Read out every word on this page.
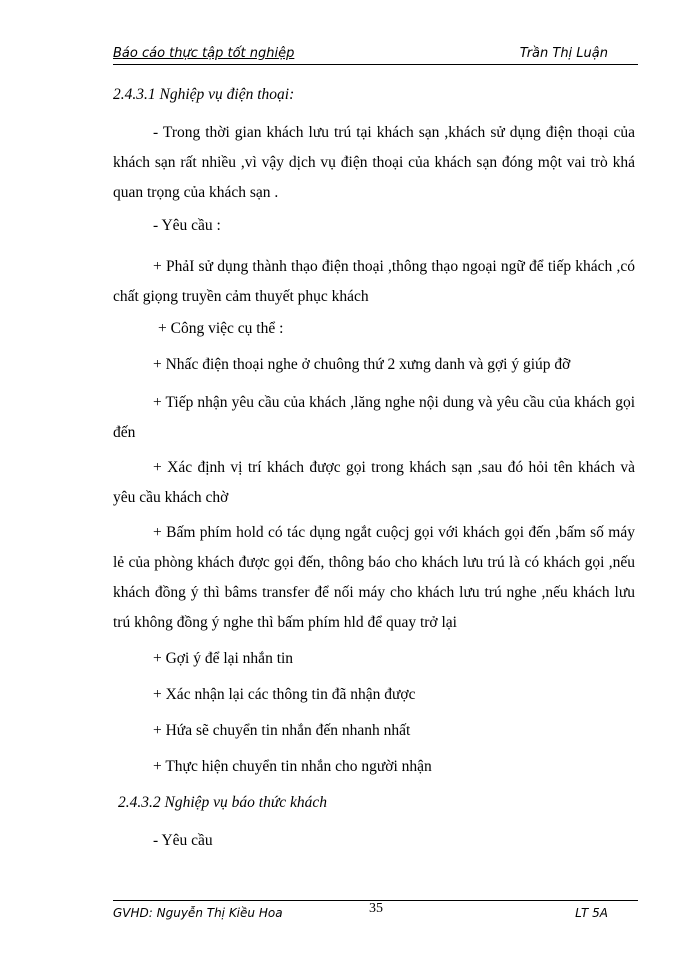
Báo cáo thực tập tốt nghiệp	Trần Thị Luận
2.4.3.1 Nghiệp vụ điện thoại:
- Trong thời gian khách lưu trú tại khách sạn ,khách sử dụng điện thoại của khách sạn rất nhiều ,vì vậy dịch vụ điện thoại của khách sạn đóng một vai trò khá quan trọng của khách sạn .
- Yêu cầu :
+ PhảI sử dụng thành thạo điện thoại ,thông thạo ngoại ngữ để tiếp khách ,có chất giọng truyền cảm thuyết phục khách
+ Công việc cụ thể :
+ Nhấc điện thoại nghe ở chuông thứ 2 xưng danh và gợi ý giúp đỡ
+ Tiếp nhận yêu cầu của khách ,lăng nghe nội dung và yêu cầu của khách gọi đến
+ Xác định vị trí khách được gọi trong khách sạn ,sau đó hỏi tên khách và yêu cầu khách chờ
+ Bấm phím hold có tác dụng ngắt cuộcj gọi với khách gọi đến ,bấm số máy lẻ của phòng khách được gọi đến, thông báo cho khách lưu trú là có khách gọi ,nếu khách đồng ý thì bâms transfer để nối máy cho khách lưu trú nghe ,nếu khách lưu trú không đồng ý nghe thì bấm phím hld để quay trở lại
+ Gợi ý để lại nhắn tin
+ Xác nhận lại các thông tin đã nhận được
+ Hứa sẽ chuyển tin nhắn đến nhanh nhất
+ Thực hiện chuyển tin nhắn cho người nhận
2.4.3.2 Nghiệp vụ báo thức khách
- Yêu cầu
GVHD: Nguyễn Thị Kiều Hoa	35	LT 5A
